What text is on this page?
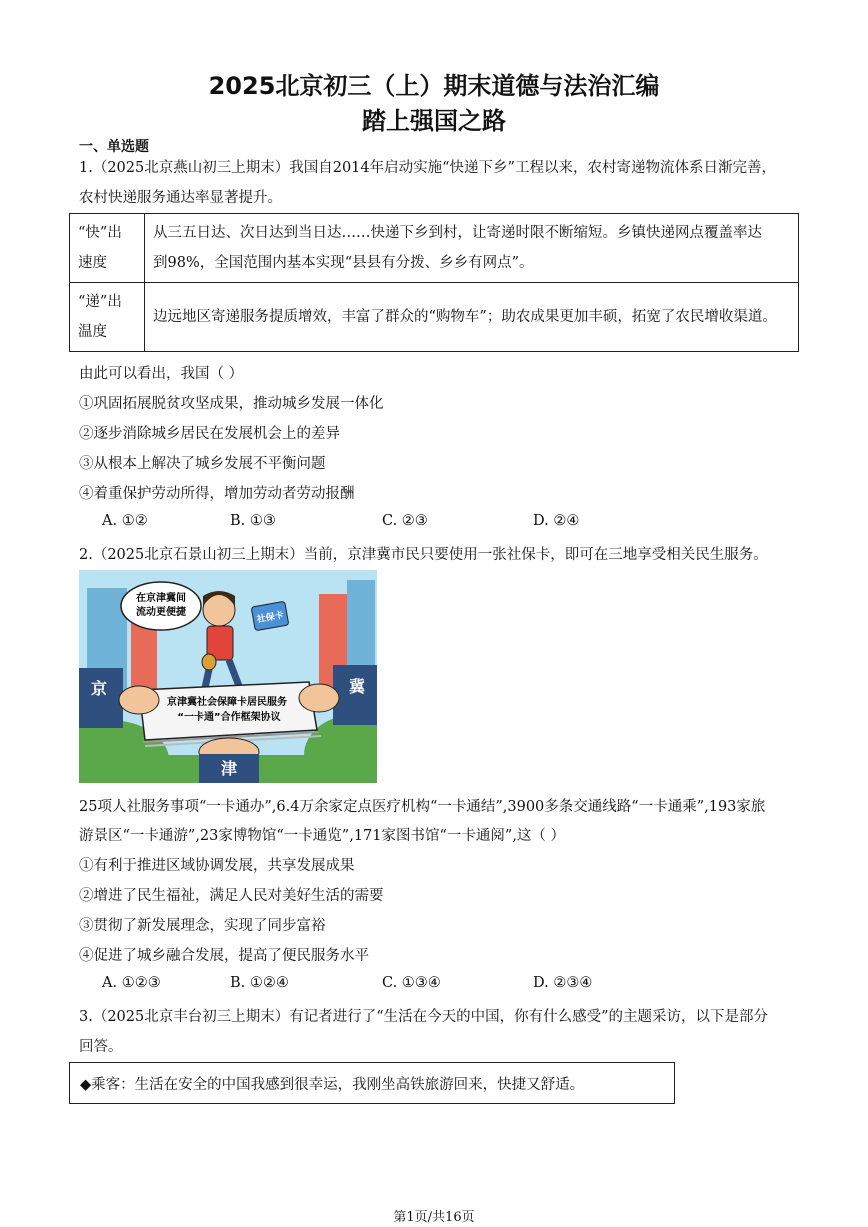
2025北京初三（上）期末道德与法治汇编
踏上强国之路
一、单选题
1.（2025北京燕山初三上期末）我国自2014年启动实施“快递下乡”工程以来，农村寄递物流体系日渐完善，
农村快递服务通达率显著提升。
“快”出
速度	从三五日达、次日达到当日达……快递下乡到村，让寄递时限不断缩短。乡镇快递网点覆盖率达
到98%，全国范围内基本实现“县县有分拨、乡乡有网点”。
“递”出
温度	边远地区寄递服务提质增效，丰富了群众的“购物车”；助农成果更加丰硕，拓宽了农民增收渠道。
由此可以看出，我国（ ）
①巩固拓展脱贫攻坚成果，推动城乡发展一体化
②逐步消除城乡居民在发展机会上的差异
③从根本上解决了城乡发展不平衡问题
④着重保护劳动所得，增加劳动者劳动报酬
A. ①②	B. ①③	C. ②③	D. ②④
2.（2025北京石景山初三上期末）当前，京津冀市民只要使用一张社保卡，即可在三地享受相关民生服务。
在京津冀间
流动更便捷	社保卡
京津冀社会保障卡居民服务
“一卡通”合作框架协议
京	冀
津
25项人社服务事项“一卡通办”,6.4万余家定点医疗机构“一卡通结”,3900多条交通线路“一卡通乘”,193家旅
游景区“一卡通游”,23家博物馆“一卡通览”,171家图书馆“一卡通阅”,这（ ）
①有利于推进区域协调发展，共享发展成果
②增进了民生福祉，满足人民对美好生活的需要
③贯彻了新发展理念，实现了同步富裕
④促进了城乡融合发展，提高了便民服务水平
A. ①②③	B. ①②④	C. ①③④	D. ②③④
3.（2025北京丰台初三上期末）有记者进行了“生活在今天的中国，你有什么感受”的主题采访，以下是部分
回答。
◆乘客：生活在安全的中国我感到很幸运，我刚坐高铁旅游回来，快捷又舒适。
第1页/共16页
